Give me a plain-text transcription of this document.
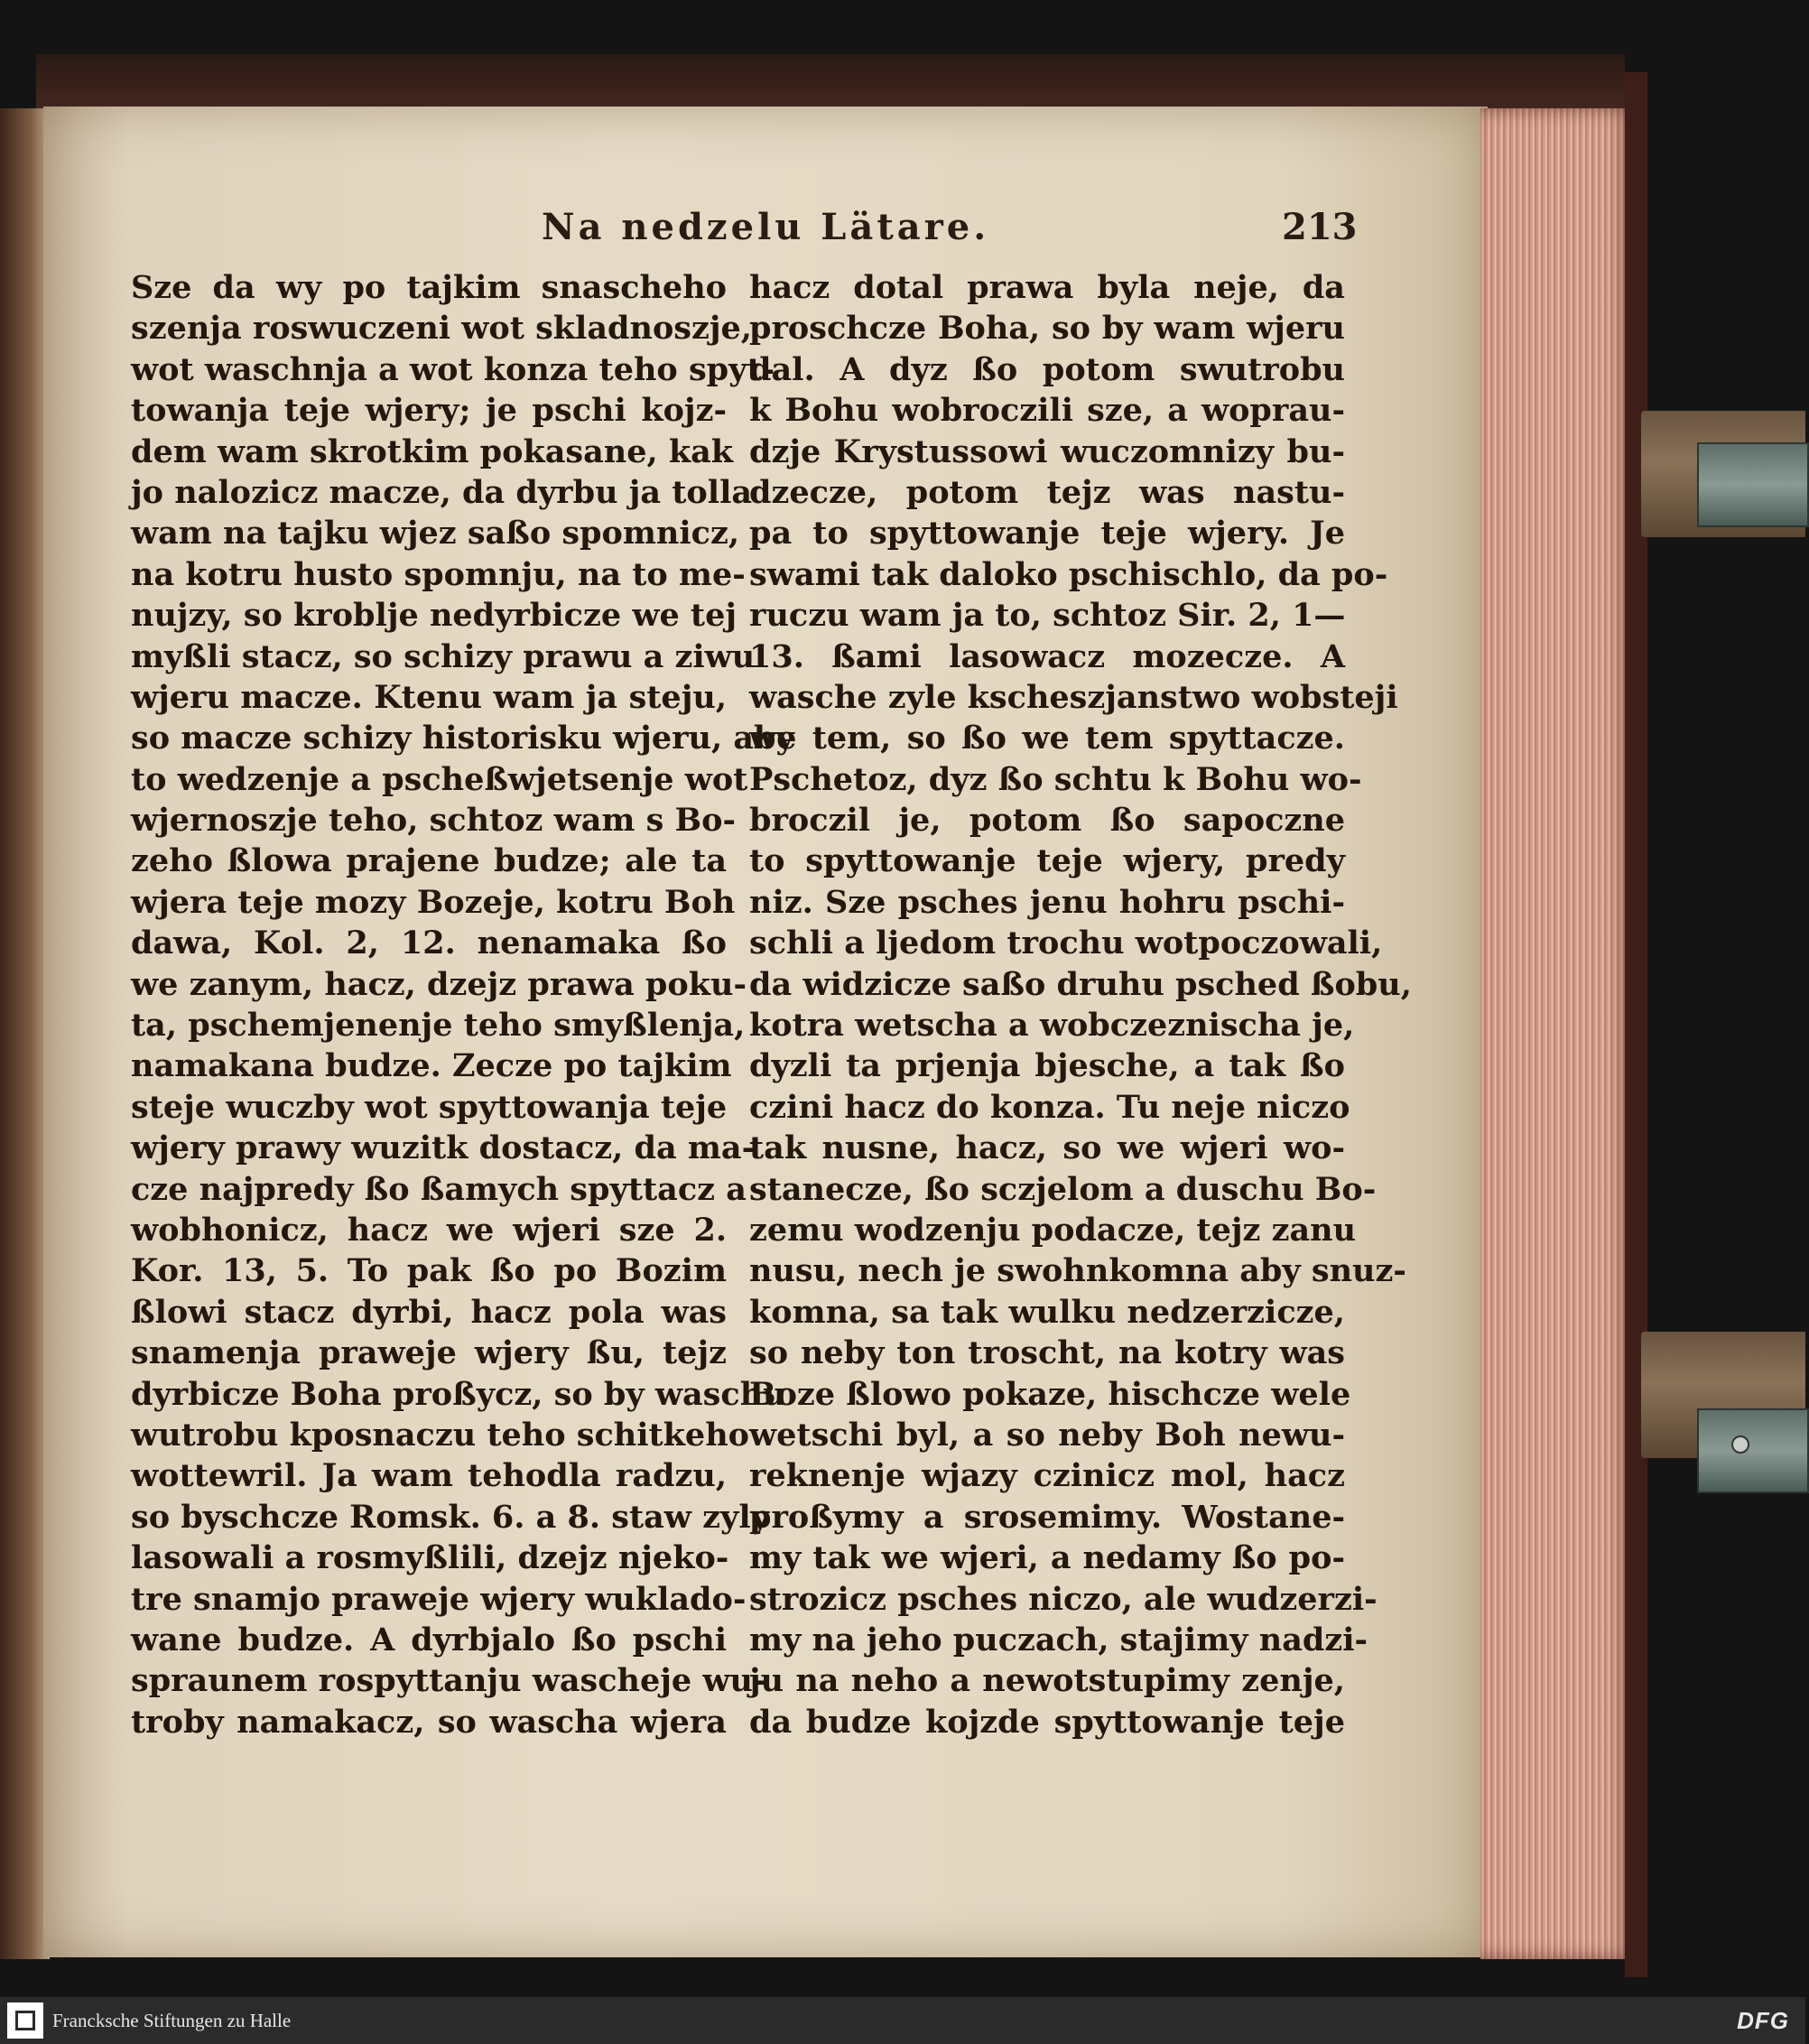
Na nedzelu Lätare.	213
Sze da wy po tajkim snascheho
szenja roswuczeni wot skladnoszje,
wot waschnja a wot konza teho spyt-
towanja teje wjery; je pschi kojz-
dem wam skrotkim pokasane, kak
jo nalozicz macze, da dyrbu ja tolla
wam na tajku wjez saßo spomnicz,
na kotru husto spomnju, na to me-
nujzy, so kroblje nedyrbicze we tej
myßli stacz, so schizy prawu a ziwu
wjeru macze. Ktenu wam ja steju,
so macze schizy historisku wjeru, aby
to wedzenje a pscheßwjetsenje wot
wjernoszje teho, schtoz wam s Bo-
zeho ßlowa prajene budze; ale ta
wjera teje mozy Bozeje, kotru Boh
dawa, Kol. 2, 12. nenamaka ßo
we zanym, hacz, dzejz prawa poku-
ta, pschemjenenje teho smyßlenja,
namakana budze. Zecze po tajkim
steje wuczby wot spyttowanja teje
wjery prawy wuzitk dostacz, da ma-
cze najpredy ßo ßamych spyttacz a
wobhonicz, hacz we wjeri sze 2.
Kor. 13, 5. To pak ßo po Bozim
ßlowi stacz dyrbi, hacz pola was
snamenja praweje wjery ßu, tejz
dyrbicze Boha proßycz, so by waschu
wutrobu kposnaczu teho schitkeho
wottewril. Ja wam tehodla radzu,
so byschcze Romsk. 6. a 8. staw zyly
lasowali a rosmyßlili, dzejz njeko-
tre snamjo praweje wjery wuklado-
wane budze. A dyrbjalo ßo pschi
spraunem rospyttanju wascheje wu-
troby namakacz, so wascha wjera
hacz dotal prawa byla neje, da
proschcze Boha, so by wam wjeru
dal. A dyz ßo potom swutrobu
k Bohu wobroczili sze, a woprau-
dzje Krystussowi wuczomnizy bu-
dzecze, potom tejz was nastu-
pa to spyttowanje teje wjery. Je
swami tak daloko pschischlo, da po-
ruczu wam ja to, schtoz Sir. 2, 1—
13. ßami lasowacz mozecze. A
wasche zyle kscheszjanstwo wobsteji
we tem, so ßo we tem spyttacze.
Pschetoz, dyz ßo schtu k Bohu wo-
broczil je, potom ßo sapoczne
to spyttowanje teje wjery, predy
niz. Sze psches jenu hohru pschi-
schli a ljedom trochu wotpoczowali,
da widzicze saßo druhu psched ßobu,
kotra wetscha a wobczeznischa je,
dyzli ta prjenja bjesche, a tak ßo
czini hacz do konza. Tu neje niczo
tak nusne, hacz, so we wjeri wo-
stanecze, ßo sczjelom a duschu Bo-
zemu wodzenju podacze, tejz zanu
nusu, nech je swohnkomna aby snuz-
komna, sa tak wulku nedzerzicze,
so neby ton troscht, na kotry was
Boze ßlowo pokaze, hischcze wele
wetschi byl, a so neby Boh newu-
reknenje wjazy czinicz mol, hacz
proßymy a srosemimy. Wostane-
my tak we wjeri, a nedamy ßo po-
strozicz psches niczo, ale wudzerzi-
my na jeho puczach, stajimy nadzi-
ju na neho a newotstupimy zenje,
da budze kojzde spyttowanje teje
Francksche Stiftungen zu Halle	DFG
